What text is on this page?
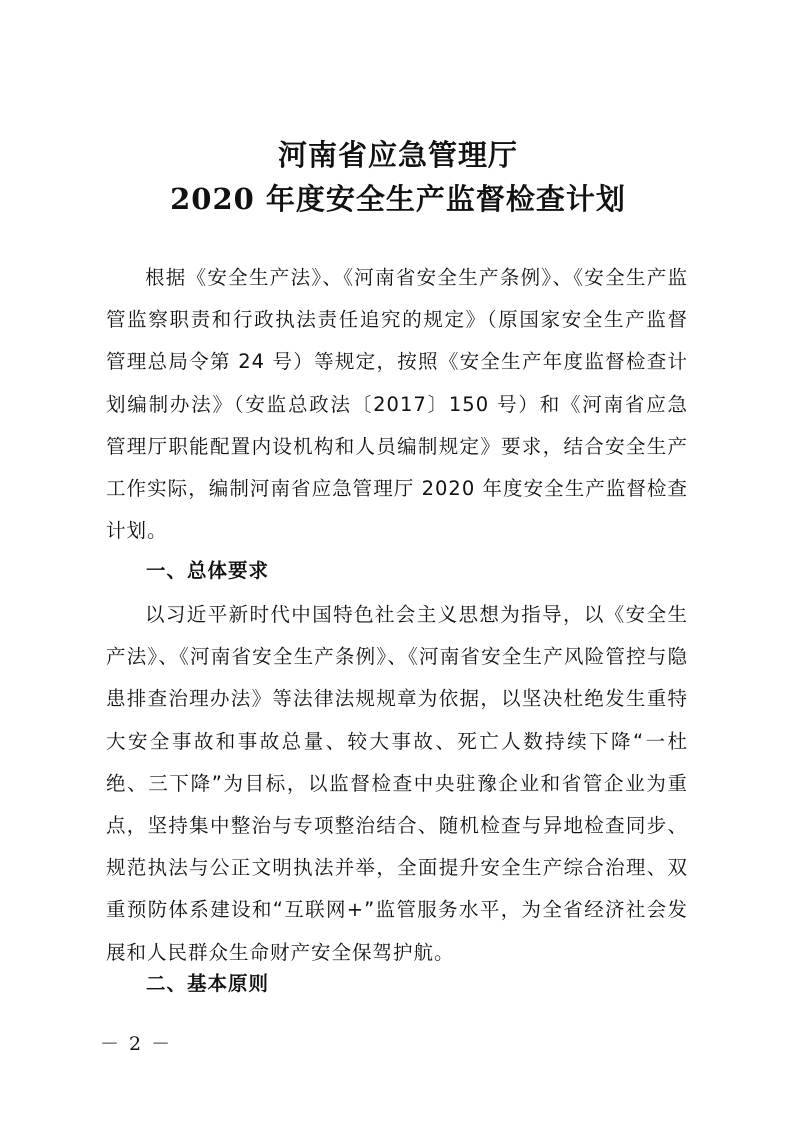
河南省应急管理厅
2020 年度安全生产监督检查计划

根据《安全生产法》、《河南省安全生产条例》、《安全生产监管监察职责和行政执法责任追究的规定》（原国家安全生产监督管理总局令第 24 号）等规定，按照《安全生产年度监督检查计划编制办法》（安监总政法〔2017〕150 号）和《河南省应急管理厅职能配置内设机构和人员编制规定》要求，结合安全生产工作实际，编制河南省应急管理厅 2020 年度安全生产监督检查计划。

一、总体要求

以习近平新时代中国特色社会主义思想为指导，以《安全生产法》、《河南省安全生产条例》、《河南省安全生产风险管控与隐患排查治理办法》等法律法规规章为依据，以坚决杜绝发生重特大安全事故和事故总量、较大事故、死亡人数持续下降“一杜绝、三下降”为目标，以监督检查中央驻豫企业和省管企业为重点，坚持集中整治与专项整治结合、随机检查与异地检查同步、规范执法与公正文明执法并举，全面提升安全生产综合治理、双重预防体系建设和“互联网+”监管服务水平，为全省经济社会发展和人民群众生命财产安全保驾护航。

二、基本原则
－ 2 －
